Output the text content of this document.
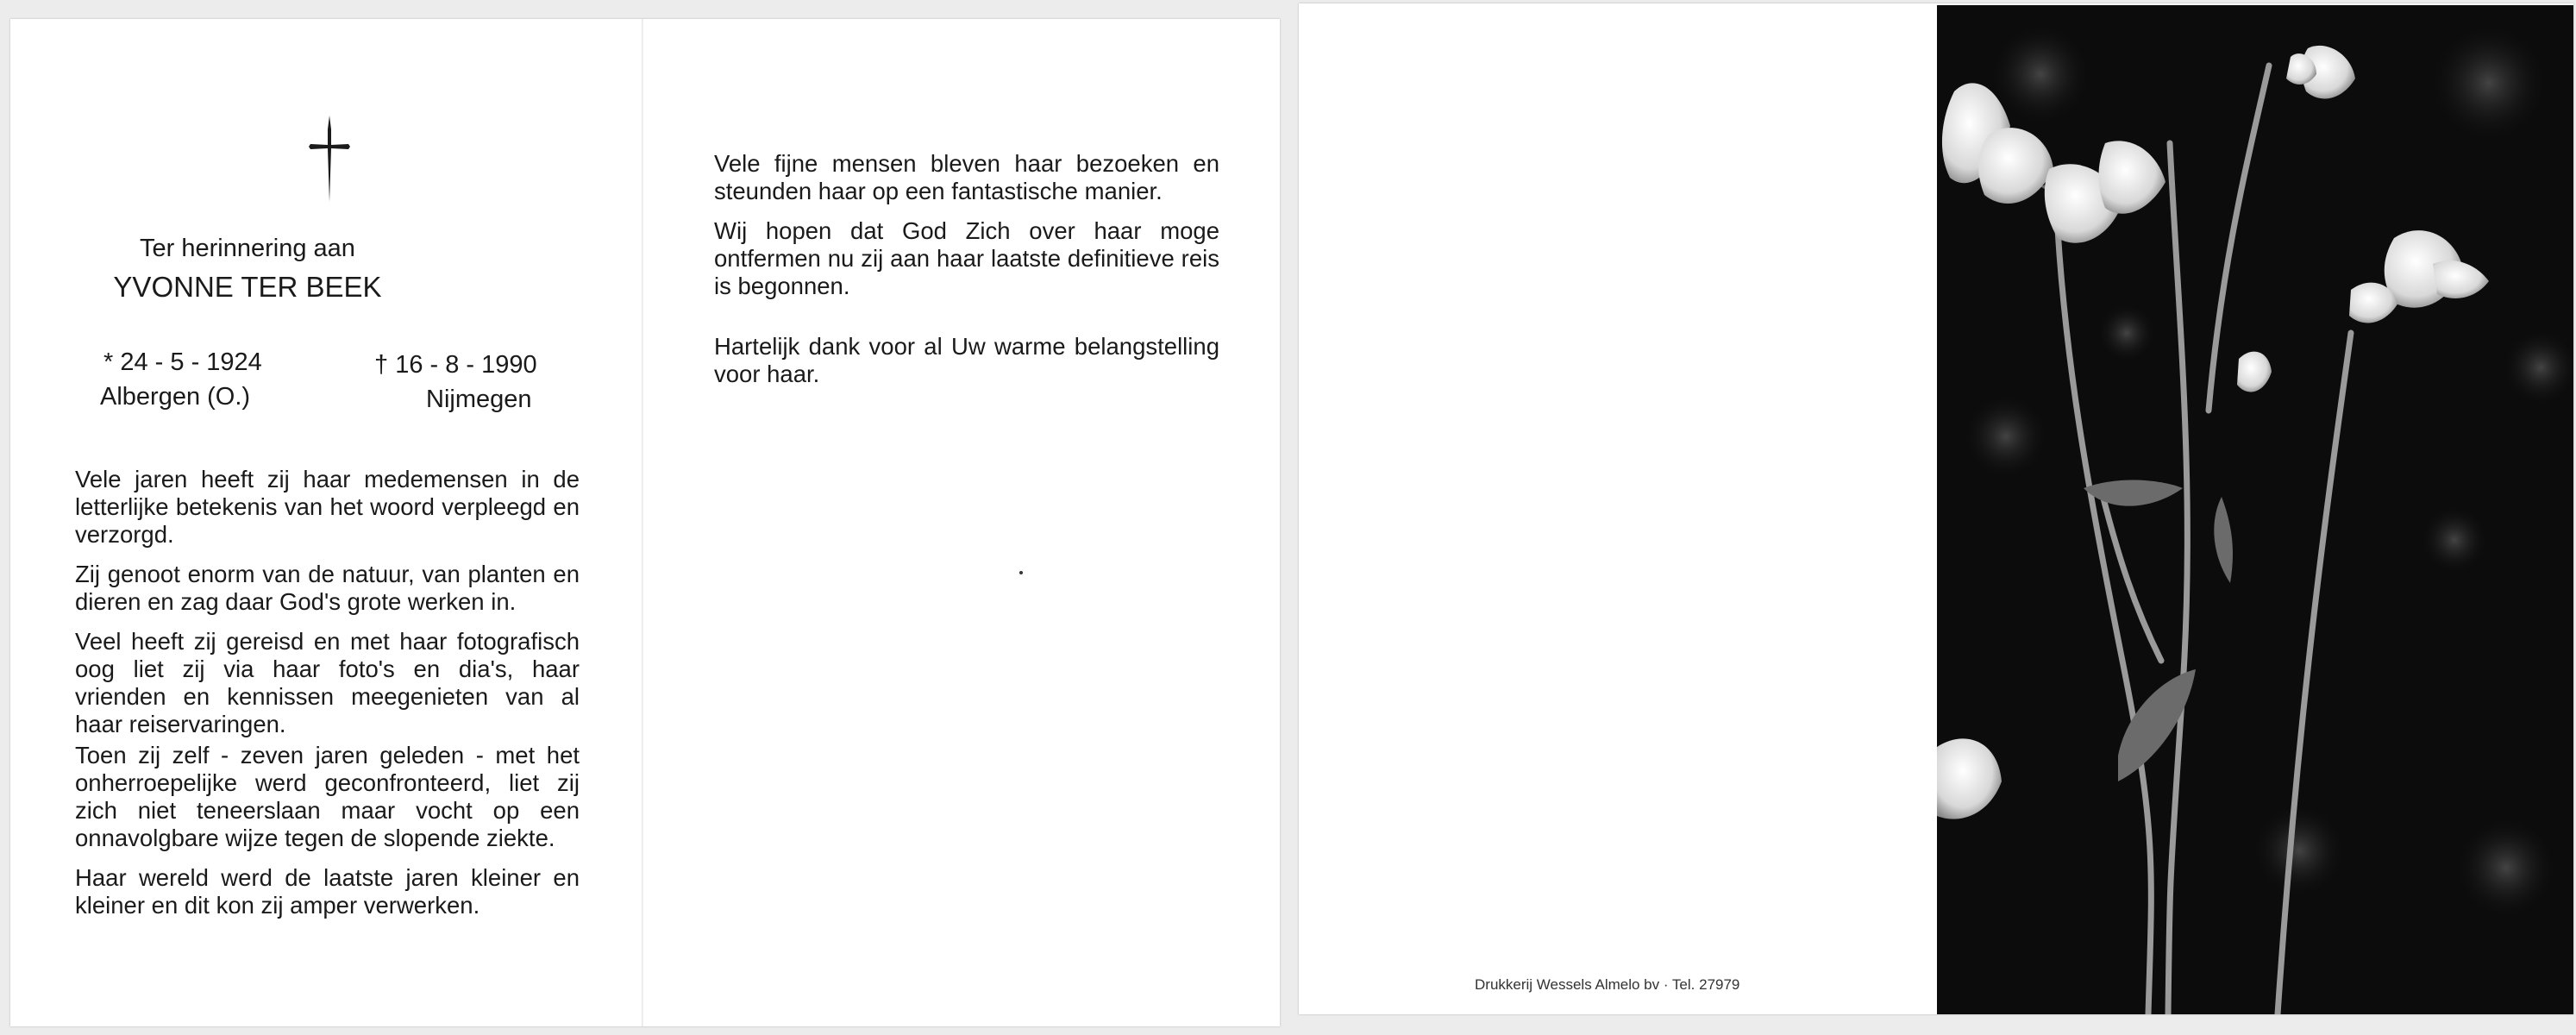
Ter herinnering aan
YVONNE TER BEEK
* 24 - 5 - 1924
Albergen (O.)
† 16 - 8 - 1990
Nijmegen

Vele jaren heeft zij haar medemensen in de letterlijke betekenis van het woord verpleegd en verzorgd.

Zij genoot enorm van de natuur, van planten en dieren en zag daar God's grote werken in.

Veel heeft zij gereisd en met haar fotografisch oog liet zij via haar foto's en dia's, haar vrienden en kennissen meegenieten van al haar reiservaringen.

Toen zij zelf - zeven jaren geleden - met het onherroepelijke werd geconfronteerd, liet zij zich niet teneerslaan maar vocht op een onnavolgbare wijze tegen de slopende ziekte.

Haar wereld werd de laatste jaren kleiner en kleiner en dit kon zij amper verwerken.

Vele fijne mensen bleven haar bezoeken en steunden haar op een fantastische manier.

Wij hopen dat God Zich over haar moge ontfermen nu zij aan haar laatste definitieve reis is begonnen.

Hartelijk dank voor al Uw warme belangstelling voor haar.

Drukkerij Wessels Almelo bv · Tel. 27979
